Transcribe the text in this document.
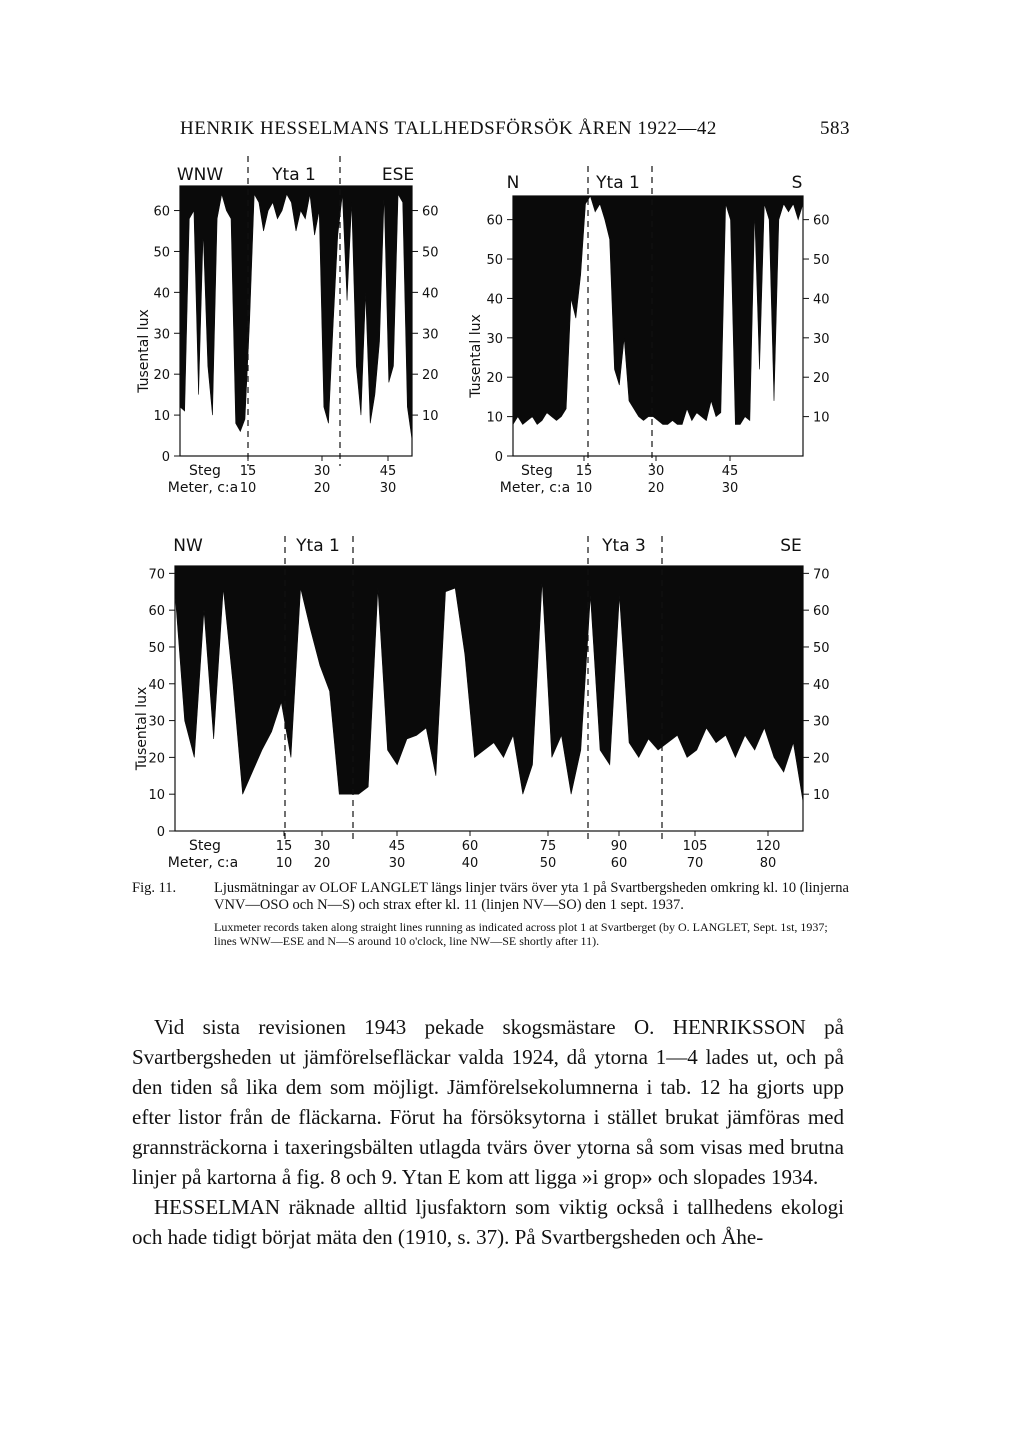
HENRIK HESSELMANS TALLHEDSFÖRSÖK ÅREN 1922—42	583
0
10	10
20	20
30	30
40	40
50	50
60	60
Tusental lux
WNW	Yta 1	ESE
Steg
Meter, c:a
15	30	45
10	20	30
0
10	10
20	20
30	30
40	40
50	50
60	60
Tusental lux
N	Yta 1	S
Steg
Meter, c:a
15	30	45
10	20	30
0
10	10
20	20
30	30
40	40
50	50
60	60
70	70
Tusental lux
NW	Yta 1	Yta 3	SE
Steg
Meter, c:a
15 30	45	60	75	90	105	120
10 20	30	40	50	60	70	80
Fig. 11.	Ljusmätningar av OLOF LANGLET längs linjer tvärs över yta 1 på Svartbergsheden omkring kl. 10 (linjerna VNV—OSO och N—S) och strax efter kl. 11 (linjen NV—SO) den 1 sept. 1937.
Luxmeter records taken along straight lines running as indicated across plot 1 at Svartberget (by O. LANGLET, Sept. 1st, 1937; lines WNW—ESE and N—S around 10 o'clock, line NW—SE shortly after 11).

Vid sista revisionen 1943 pekade skogsmästare O. HENRIKSSON på Svartbergsheden ut jämförelsefläckar valda 1924, då ytorna 1—4 lades ut, och på den tiden så lika dem som möjligt. Jämförelsekolumnerna i tab. 12 ha gjorts upp efter listor från de fläckarna. Förut ha försöksytorna i stället brukat jämföras med grannsträckorna i taxeringsbälten utlagda tvärs över ytorna så som visas med brutna linjer på kartorna å fig. 8 och 9. Ytan E kom att ligga »i grop» och slopades 1934.

HESSELMAN räknade alltid ljusfaktorn som viktig också i tallhedens ekologi och hade tidigt börjat mäta den (1910, s. 37). På Svartbergsheden och Åhe-
